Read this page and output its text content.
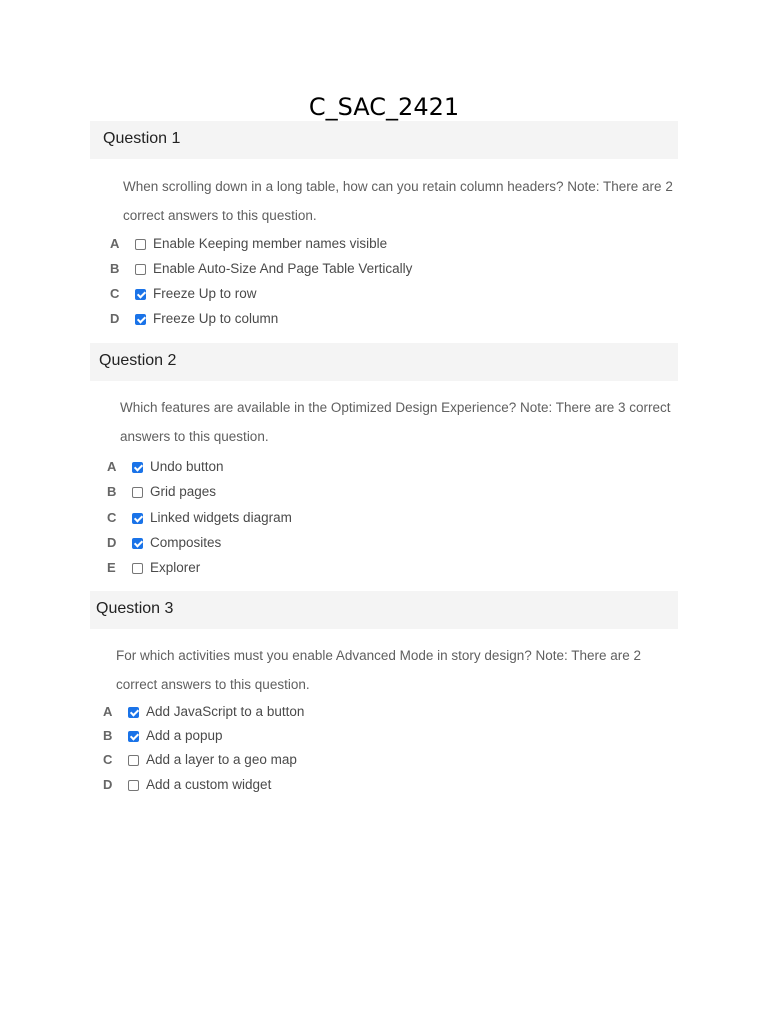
C_SAC_2421
Question 1
When scrolling down in a long table, how can you retain column headers? Note: There are 2 correct answers to this question.
A Enable Keeping member names visible
B Enable Auto-Size And Page Table Vertically
C Freeze Up to row
D Freeze Up to column
Question 2
Which features are available in the Optimized Design Experience? Note: There are 3 correct answers to this question.
A Undo button
B Grid pages
C Linked widgets diagram
D Composites
E	Explorer
Question 3
For which activities must you enable Advanced Mode in story design? Note: There are 2 correct answers to this question.
A Add JavaScript to a button
B Add a popup
C Add a layer to a geo map
D Add a custom widget
